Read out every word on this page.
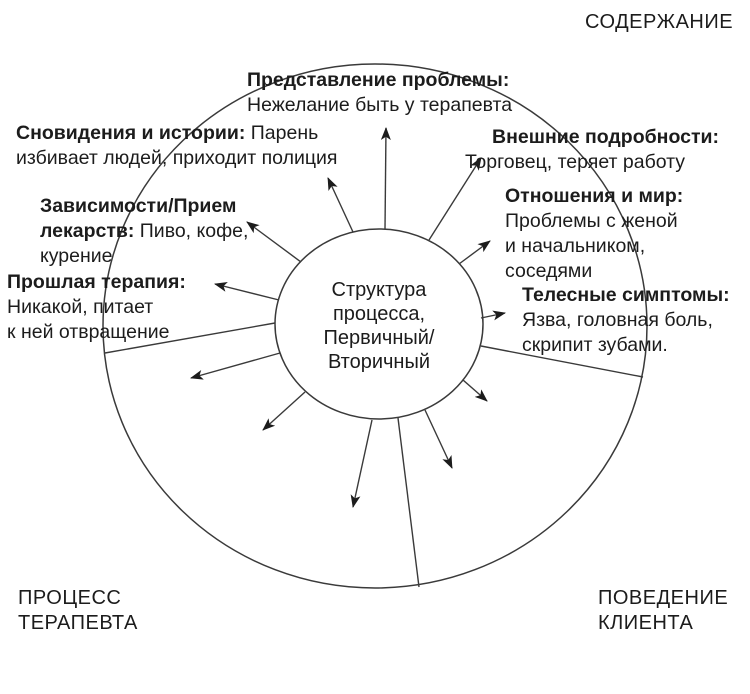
СОДЕРЖАНИЕ
ПРОЦЕСС
ТЕРАПЕВТА
ПОВЕДЕНИЕ
КЛИЕНТА
Структура
процесса,
Первичный/
Вторичный
Представление проблемы:
Нежелание быть у терапевта
Сновидения и истории: Парень
избивает людей, приходит полиция
Зависимости/Прием
лекарств: Пиво, кофе,
курение
Прошлая терапия:
Никакой, питает
к ней отвращение
Внешние подробности:
Торговец, теряет работу
Отношения и мир:
Проблемы с женой
и начальником,
соседями
Телесные симптомы:
Язва, головная боль,
скрипит зубами.
